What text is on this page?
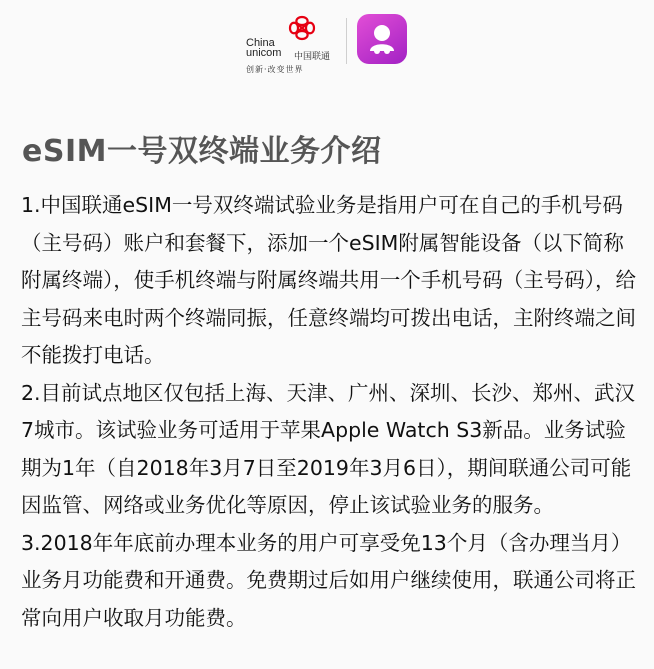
China
unicom 中国联通
创新·改变世界
eSIM一号双终端业务介绍

1.中国联通eSIM一号双终端试验业务是指用户可在自己的手机号码（主号码）账户和套餐下，添加一个eSIM附属智能设备（以下简称附属终端），使手机终端与附属终端共用一个手机号码（主号码），给主号码来电时两个终端同振，任意终端均可拨出电话，主附终端之间不能拨打电话。

2.目前试点地区仅包括上海、天津、广州、深圳、长沙、郑州、武汉7城市。该试验业务可适用于苹果Apple Watch S3新品。业务试验期为1年（自2018年3月7日至2019年3月6日），期间联通公司可能因监管、网络或业务优化等原因，停止该试验业务的服务。

3.2018年年底前办理本业务的用户可享受免13个月（含办理当月）业务月功能费和开通费。免费期过后如用户继续使用，联通公司将正常向用户收取月功能费。
